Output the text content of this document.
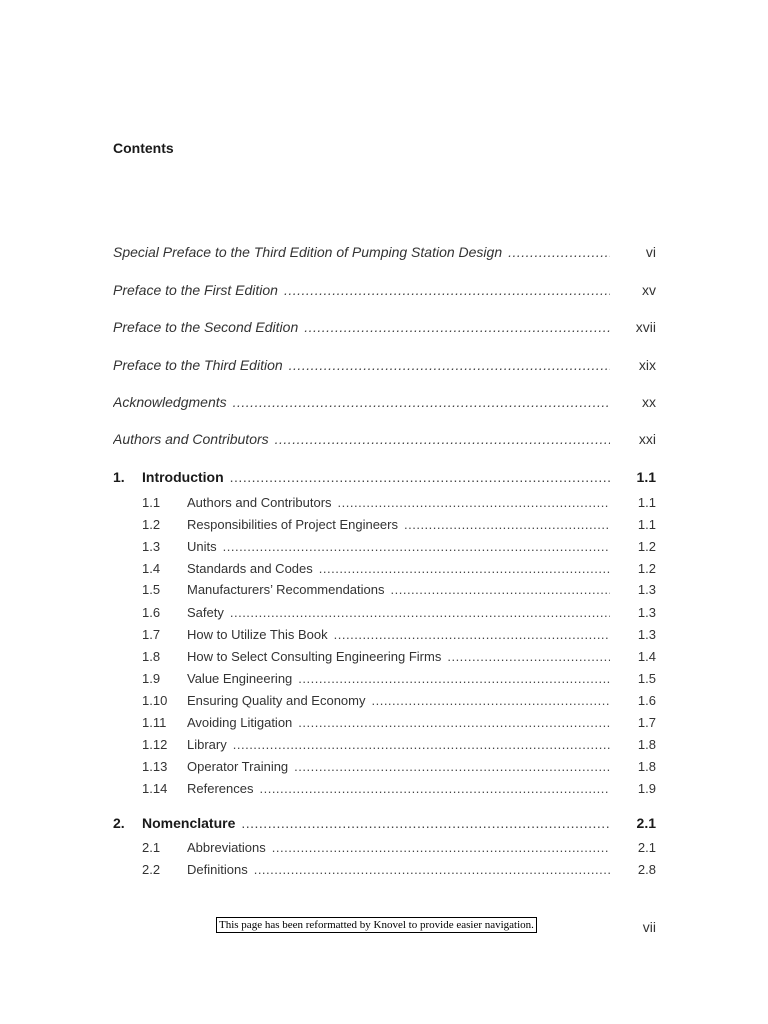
Contents
Special Preface to the Third Edition of Pumping Station Design .....	vi
Preface to the First Edition .....	xv
Preface to the Second Edition .....	xvii
Preface to the Third Edition .....	xix
Acknowledgments .....	xx
Authors and Contributors .....	xxi
1. Introduction .....	1.1
1.1 Authors and Contributors .....	1.1
1.2 Responsibilities of Project Engineers .....	1.1
1.3 Units .....	1.2
1.4 Standards and Codes .....	1.2
1.5 Manufacturers’ Recommendations .....	1.3
1.6 Safety .....	1.3
1.7 How to Utilize This Book .....	1.3
1.8 How to Select Consulting Engineering Firms .....	1.4
1.9 Value Engineering .....	1.5
1.10 Ensuring Quality and Economy .....	1.6
1.11 Avoiding Litigation .....	1.7
1.12 Library .....	1.8
1.13 Operator Training .....	1.8
1.14 References .....	1.9
2. Nomenclature .....	2.1
2.1 Abbreviations .....	2.1
2.2 Definitions .....	2.8
This page has been reformatted by Knovel to provide easier navigation.	vii
